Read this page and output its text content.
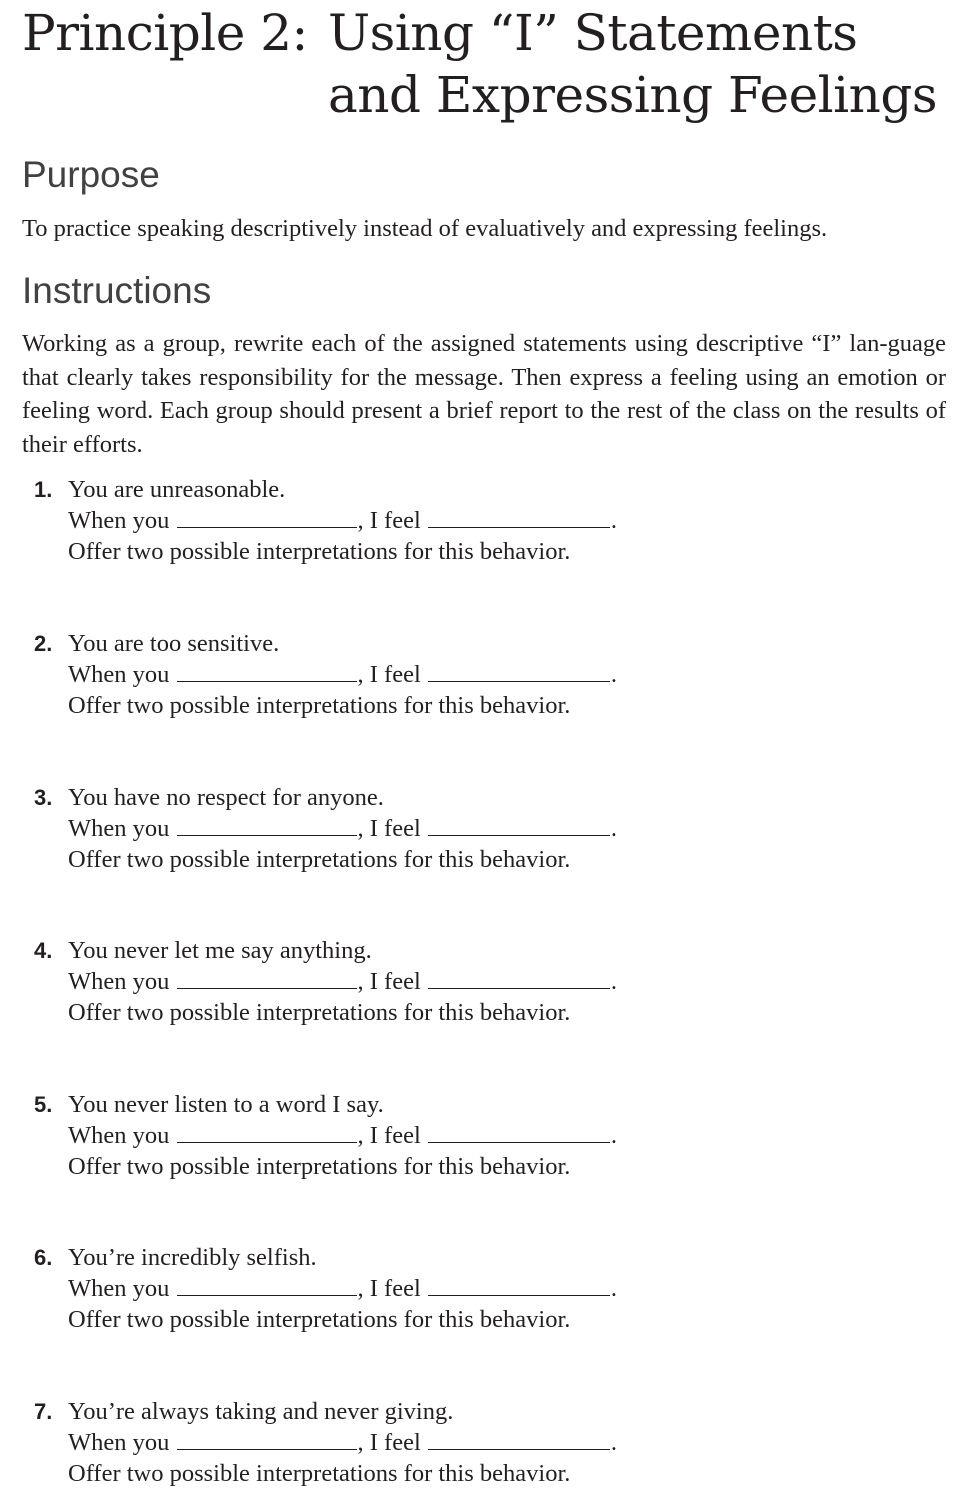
Principle 2: Using “I” Statements
and Expressing Feelings
Purpose
To practice speaking descriptively instead of evaluatively and expressing feelings.
Instructions
Working as a group, rewrite each of the assigned statements using descriptive “I” lan-guage that clearly takes responsibility for the message. Then express a feeling using an emotion or feeling word. Each group should present a brief report to the rest of the class on the results of their efforts.
1. You are unreasonable.
When you	, I feel	.
Offer two possible interpretations for this behavior.
2. You are too sensitive.
When you	, I feel	.
Offer two possible interpretations for this behavior.
3. You have no respect for anyone.
When you	, I feel	.
Offer two possible interpretations for this behavior.
4. You never let me say anything.
When you	, I feel	.
Offer two possible interpretations for this behavior.
5. You never listen to a word I say.
When you	, I feel	.
Offer two possible interpretations for this behavior.
6. You’re incredibly selfish.
When you	, I feel	.
Offer two possible interpretations for this behavior.
7. You’re always taking and never giving.
When you	, I feel	.
Offer two possible interpretations for this behavior.
